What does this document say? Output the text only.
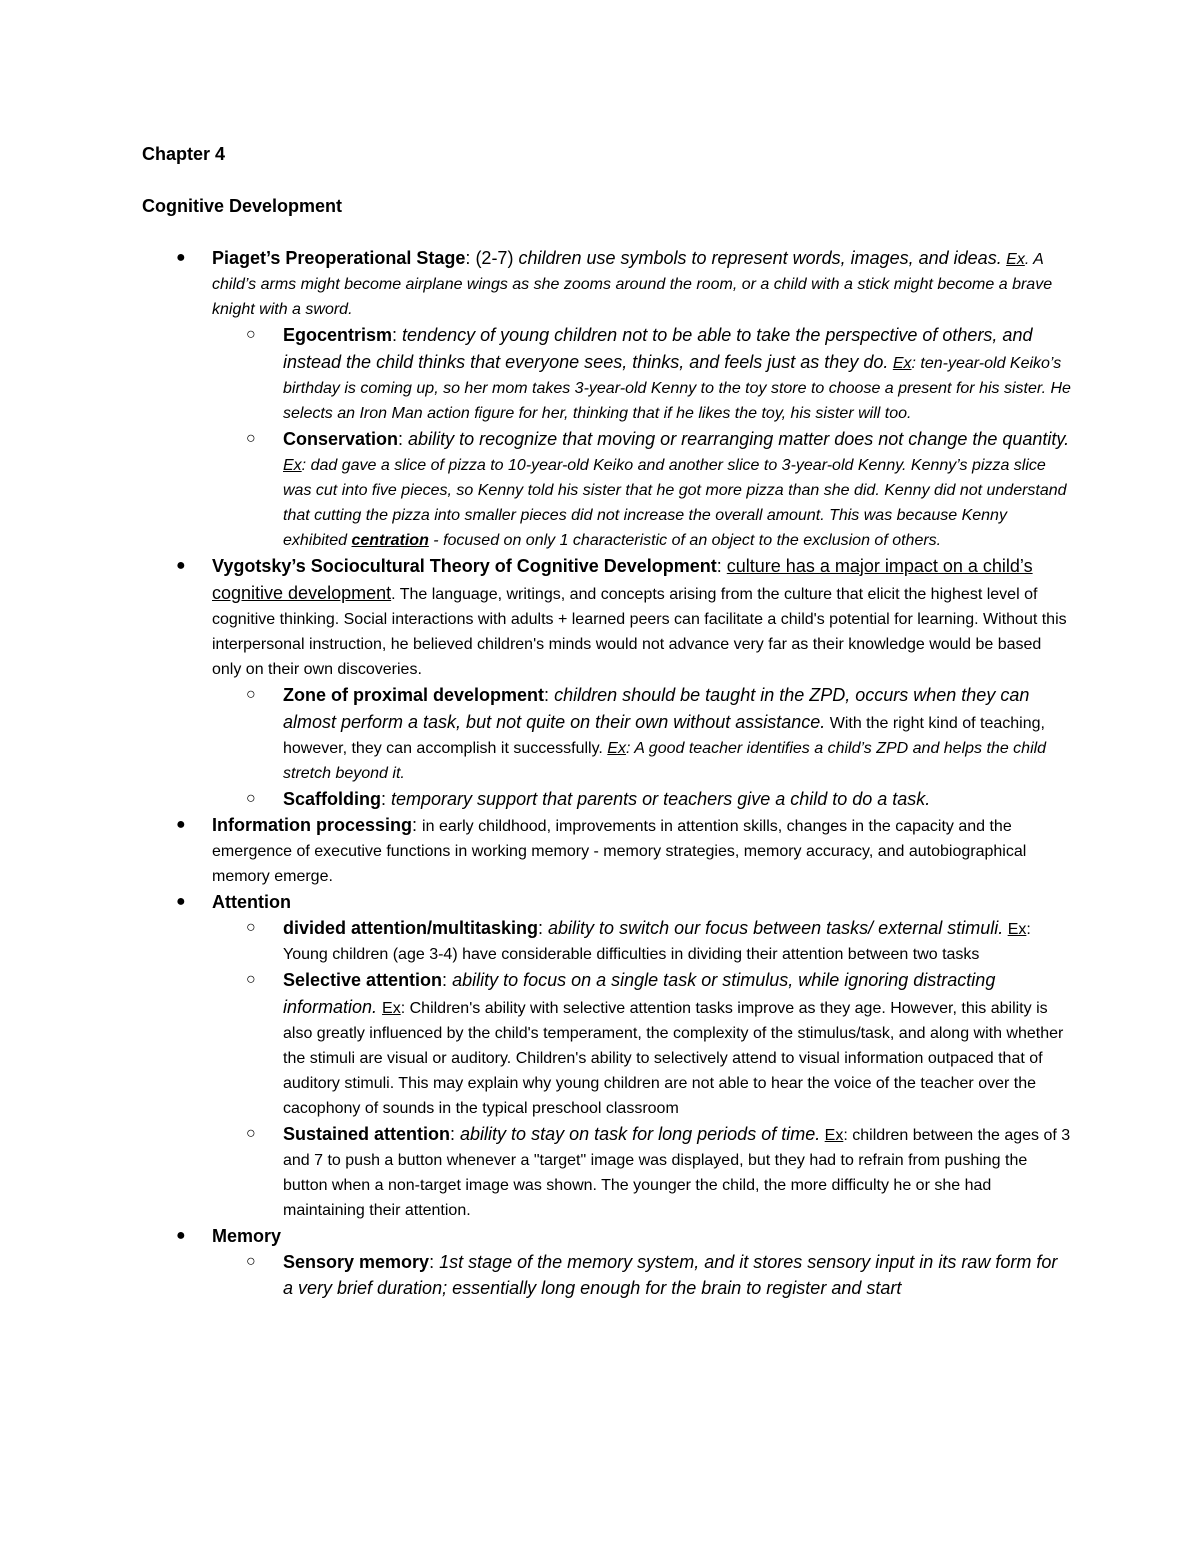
Chapter 4

Cognitive Development

● Piaget’s Preoperational Stage: (2-7) children use symbols to represent words, images, and ideas. Ex. A child’s arms might become airplane wings as she zooms around the room, or a child with a stick might become a brave knight with a sword.

○ Egocentrism: tendency of young children not to be able to take the perspective of others, and instead the child thinks that everyone sees, thinks, and feels just as they do. Ex: ten-year-old Keiko’s birthday is coming up, so her mom takes 3-year-old Kenny to the toy store to choose a present for his sister. He selects an Iron Man action figure for her, thinking that if he likes the toy, his sister will too.

○ Conservation: ability to recognize that moving or rearranging matter does not change the quantity. Ex: dad gave a slice of pizza to 10-year-old Keiko and another slice to 3-year-old Kenny. Kenny’s pizza slice was cut into five pieces, so Kenny told his sister that he got more pizza than she did. Kenny did not understand that cutting the pizza into smaller pieces did not increase the overall amount. This was because Kenny exhibited centration - focused on only 1 characteristic of an object to the exclusion of others.

● Vygotsky’s Sociocultural Theory of Cognitive Development: culture has a major impact on a child’s cognitive development. The language, writings, and concepts arising from the culture that elicit the highest level of cognitive thinking. Social interactions with adults + learned peers can facilitate a child's potential for learning. Without this interpersonal instruction, he believed children's minds would not advance very far as their knowledge would be based only on their own discoveries.

○ Zone of proximal development: children should be taught in the ZPD, occurs when they can almost perform a task, but not quite on their own without assistance. With the right kind of teaching, however, they can accomplish it successfully. Ex: A good teacher identifies a child’s ZPD and helps the child stretch beyond it.

○ Scaffolding: temporary support that parents or teachers give a child to do a task.

● Information processing: in early childhood, improvements in attention skills, changes in the capacity and the emergence of executive functions in working memory - memory strategies, memory accuracy, and autobiographical memory emerge.

● Attention

○ divided attention/multitasking: ability to switch our focus between tasks/ external stimuli. Ex: Young children (age 3-4) have considerable difficulties in dividing their attention between two tasks

○ Selective attention: ability to focus on a single task or stimulus, while ignoring distracting information. Ex: Children's ability with selective attention tasks improve as they age. However, this ability is also greatly influenced by the child's temperament, the complexity of the stimulus/task, and along with whether the stimuli are visual or auditory. Children's ability to selectively attend to visual information outpaced that of auditory stimuli. This may explain why young children are not able to hear the voice of the teacher over the cacophony of sounds in the typical preschool classroom

○ Sustained attention: ability to stay on task for long periods of time. Ex: children between the ages of 3 and 7 to push a button whenever a "target" image was displayed, but they had to refrain from pushing the button when a non-target image was shown. The younger the child, the more difficulty he or she had maintaining their attention.

● Memory

○ Sensory memory: 1st stage of the memory system, and it stores sensory input in its raw form for a very brief duration; essentially long enough for the brain to register and start
